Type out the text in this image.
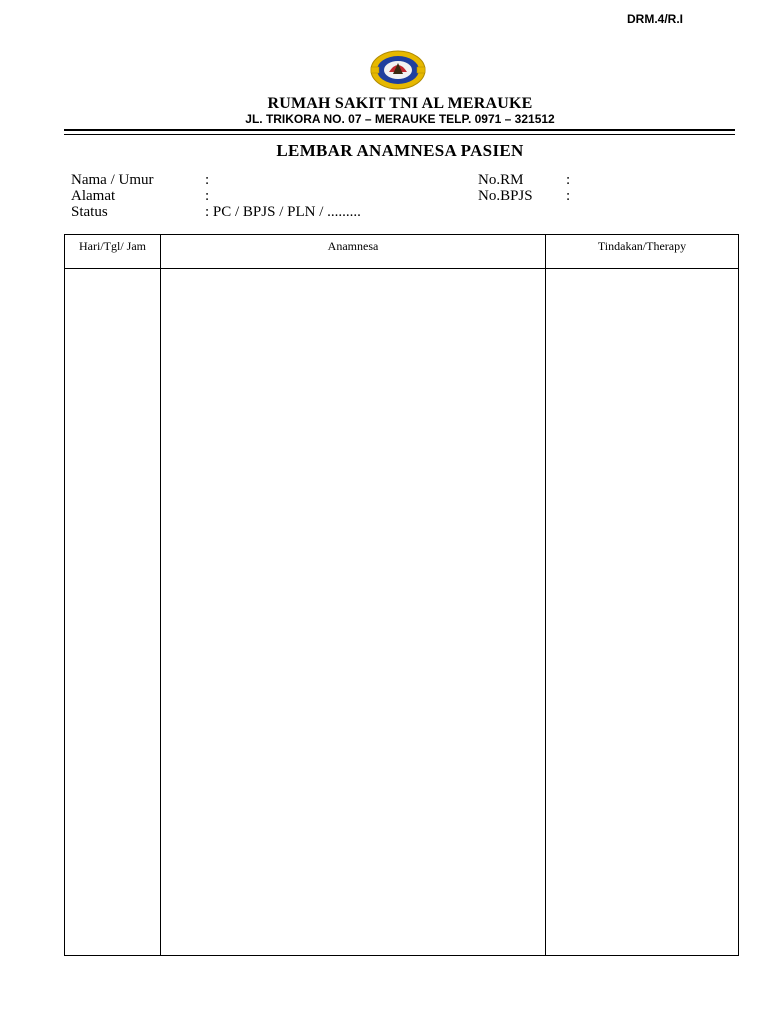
DRM.4/R.I
RUMAH SAKIT TNI AL MERAUKE
JL. TRIKORA NO. 07 – MERAUKE TELP. 0971 – 321512
LEMBAR ANAMNESA PASIEN
Nama / Umur	:
Alamat	:
Status	: PC / BPJS / PLN / .........
No.RM	:
No.BPJS :
Hari/Tgl/ Jam	Anamnesa	Tindakan/Therapy
